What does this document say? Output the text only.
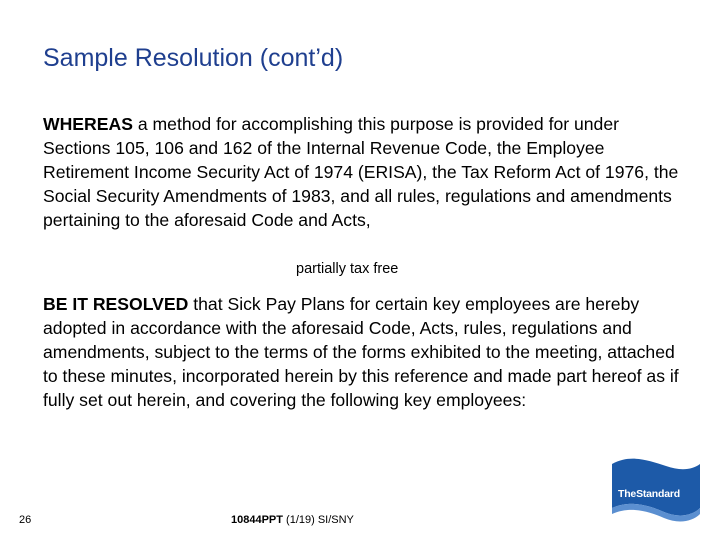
Sample Resolution (cont’d)

WHEREAS a method for accomplishing this purpose is provided for under Sections 105, 106 and 162 of the Internal Revenue Code, the Employee Retirement Income Security Act of 1974 (ERISA), the Tax Reform Act of 1976, the Social Security Amendments of 1983, and all rules, regulations and amendments pertaining to the aforesaid Code and Acts,

partially tax free

BE IT RESOLVED that Sick Pay Plans for certain key employees are hereby adopted in accordance with the aforesaid Code, Acts, rules, regulations and amendments, subject to the terms of the forms exhibited to the meeting, attached to these minutes, incorporated herein by this reference and made part hereof as if fully set out herein, and covering the following key employees:

26	10844PPT (1/19) SI/SNY
TheStandard
